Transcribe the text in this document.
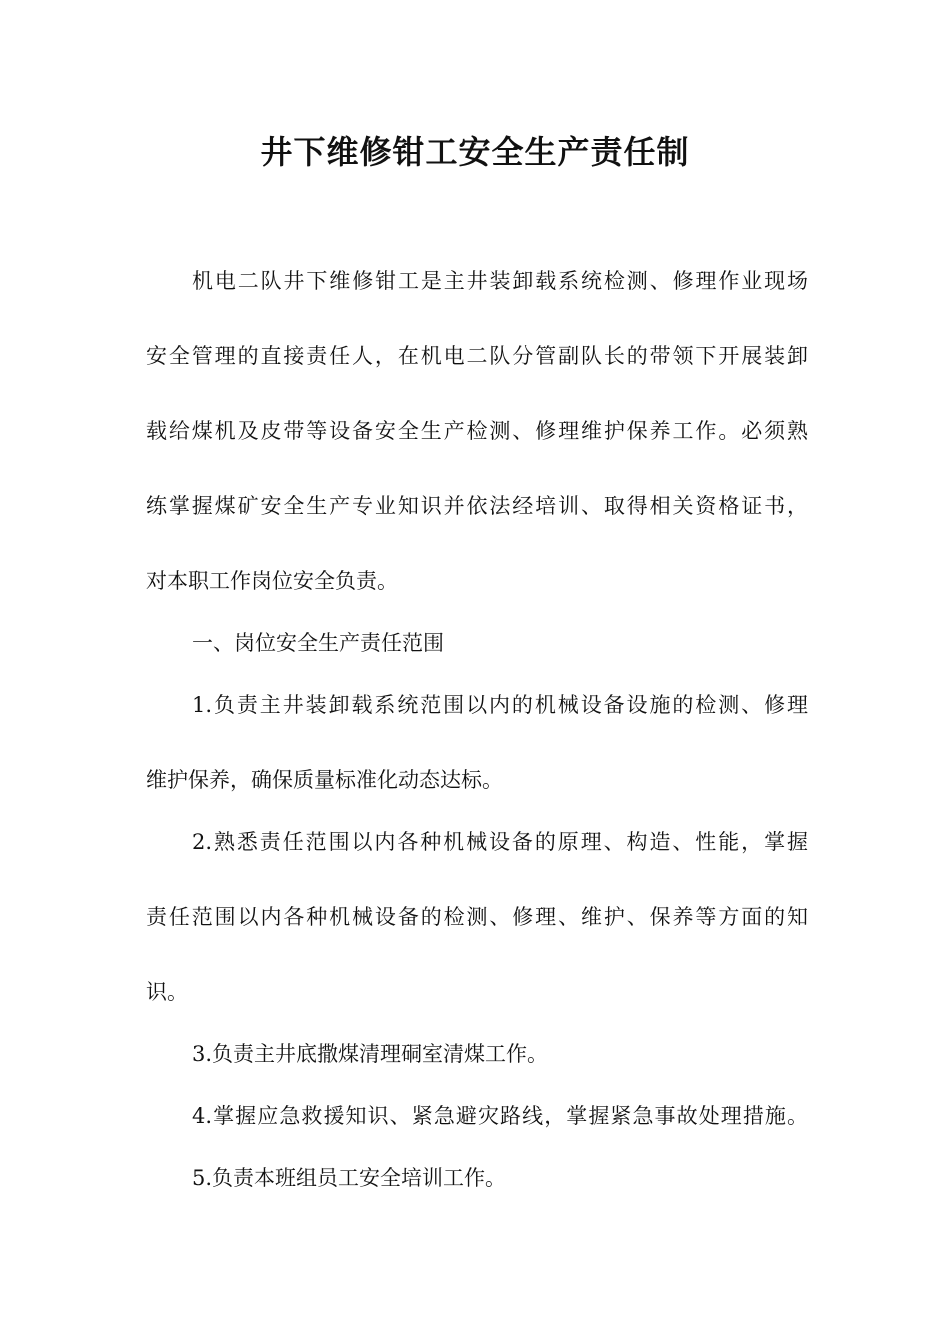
井下维修钳工安全生产责任制

机电二队井下维修钳工是主井装卸载系统检测、修理作业现场

安全管理的直接责任人，在机电二队分管副队长的带领下开展装卸

载给煤机及皮带等设备安全生产检测、修理维护保养工作。必须熟

练掌握煤矿安全生产专业知识并依法经培训、取得相关资格证书，

对本职工作岗位安全负责。

一、岗位安全生产责任范围

1.负责主井装卸载系统范围以内的机械设备设施的检测、修理

维护保养，确保质量标准化动态达标。

2.熟悉责任范围以内各种机械设备的原理、构造、性能，掌握

责任范围以内各种机械设备的检测、修理、维护、保养等方面的知

识。

3.负责主井底撒煤清理硐室清煤工作。

4.掌握应急救援知识、紧急避灾路线，掌握紧急事故处理措施。

5.负责本班组员工安全培训工作。
